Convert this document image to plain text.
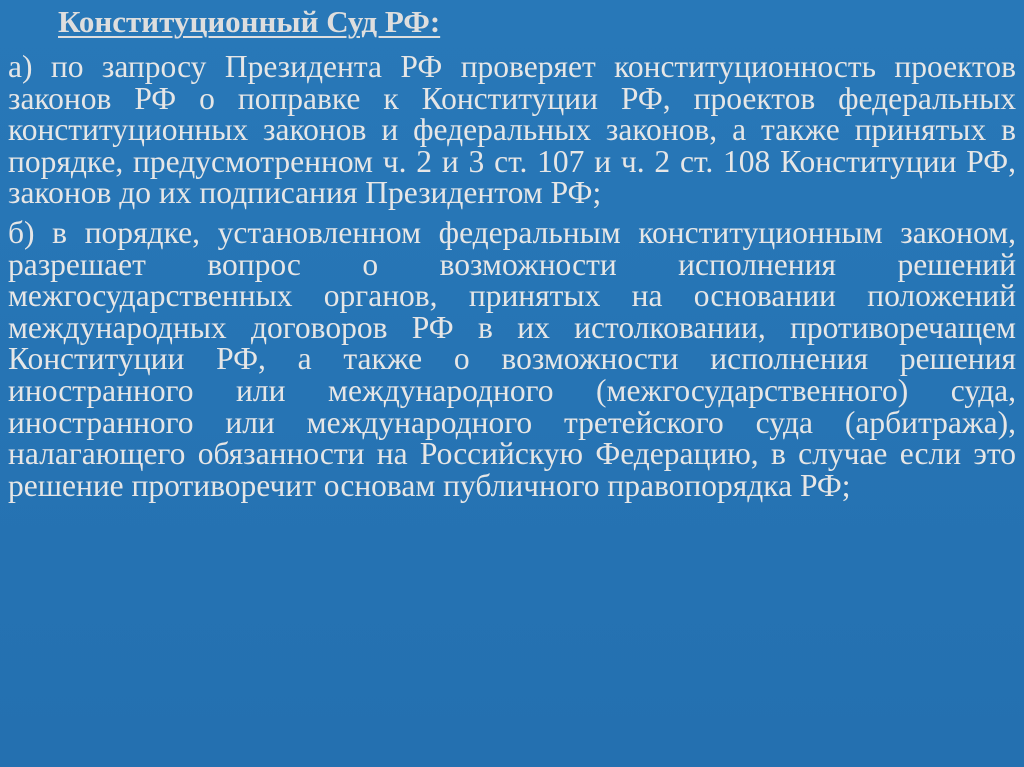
Конституционный Суд РФ:

а) по запросу Президента РФ проверяет конституционность проектов законов РФ о поправке к Конституции РФ, проектов федеральных конституционных законов и федеральных законов, а также принятых в порядке, предусмотренном ч. 2 и 3 ст. 107 и ч. 2 ст. 108 Конституции РФ, законов до их подписания Президентом РФ;

б) в порядке, установленном федеральным конституционным законом, разрешает вопрос о возможности исполнения решений межгосударственных органов, принятых на основании положений международных договоров РФ в их истолковании, противоречащем Конституции РФ, а также о возможности исполнения решения иностранного или международного (межгосударственного) суда, иностранного или международного третейского суда (арбитража), налагающего обязанности на Российскую Федерацию, в случае если это решение противоречит основам публичного правопорядка РФ;
